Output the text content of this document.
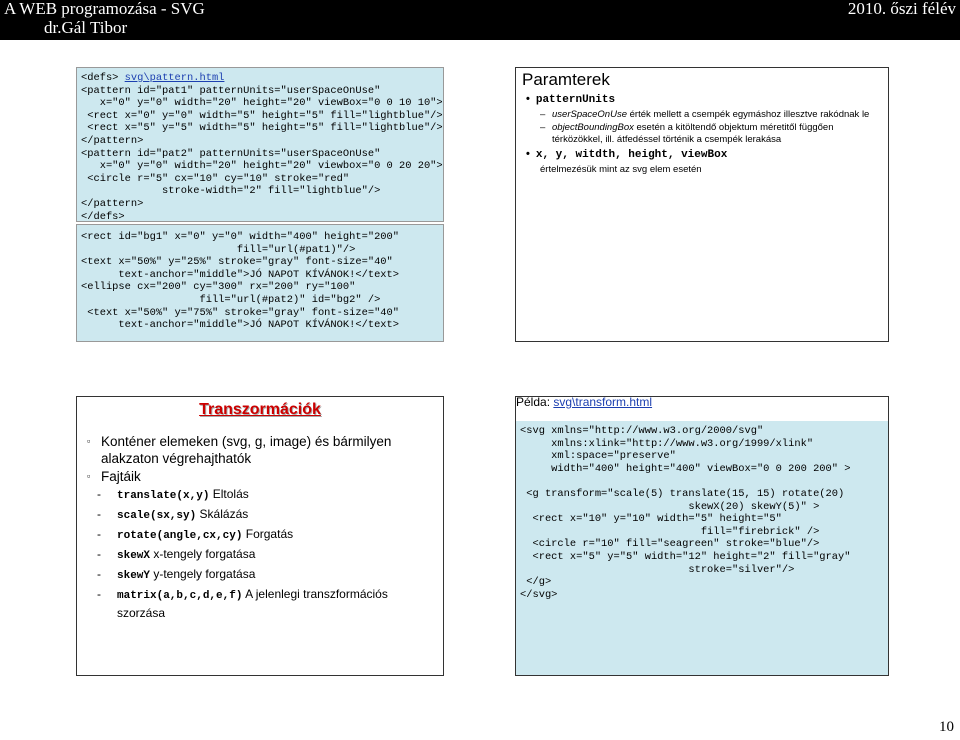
A WEB programozása - SVG
dr.Gál Tibor
2010. őszi félév
<defs> svg\pattern.html
<pattern id="pat1" patternUnits="userSpaceOnUse"
x="0" y="0" width="20" height="20" viewBox="0 0 10 10">
<rect x="0" y="0" width="5" height="5" fill="lightblue"/>
<rect x="5" y="5" width="5" height="5" fill="lightblue"/>
</pattern>
<pattern id="pat2" patternUnits="userSpaceOnUse"
x="0" y="0" width="20" height="20" viewbox="0 0 20 20">
<circle r="5" cx="10" cy="10" stroke="red"
stroke-width="2" fill="lightblue"/>
</pattern>
</defs>
<rect id="bg1" x="0" y="0" width="400" height="200"
fill="url(#pat1)"/>
<text x="50%" y="25%" stroke="gray" font-size="40"
text-anchor="middle">JÓ NAPOT KÍVÁNOK!</text>
<ellipse cx="200" cy="300" rx="200" ry="100"
fill="url(#pat2)" id="bg2" />
<text x="50%" y="75%" stroke="gray" font-size="40"
text-anchor="middle">JÓ NAPOT KÍVÁNOK!</text>
Paramterek
• patternUnits
– userSpaceOnUse érték mellett a csempék egymáshoz illesztve rakódnak le
– objectBoundingBox esetén a kitöltendő objektum méretitől függően térközökkel, ill. átfedéssel történik a csempék lerakása
• x, y, witdth, height, viewBox
értelmezésük mint az svg elem esetén
Transzormációk
▫ Konténer elemeken (svg, g, image) és bármilyen alakzaton végrehajthatók
▫ Fajtáik
-	translate(x,y) Eltolás
-	scale(sx,sy) Skálázás
-	rotate(angle,cx,cy) Forgatás
-	skewX x-tengely forgatása
-	skewY y-tengely forgatása
-	matrix(a,b,c,d,e,f) A jelenlegi transzformációs szorzása
Példa: svg\transform.html
<svg xmlns="http://www.w3.org/2000/svg"
xmlns:xlink="http://www.w3.org/1999/xlink"
xml:space="preserve"
width="400" height="400" viewBox="0 0 200 200" >

<g transform="scale(5) translate(15, 15) rotate(20)
skewX(20) skewY(5)" >
<rect x="10" y="10" width="5" height="5"
fill="firebrick" />
<circle r="10" fill="seagreen" stroke="blue"/>
<rect x="5" y="5" width="12" height="2" fill="gray"
stroke="silver"/>
</g>
</svg>
10
